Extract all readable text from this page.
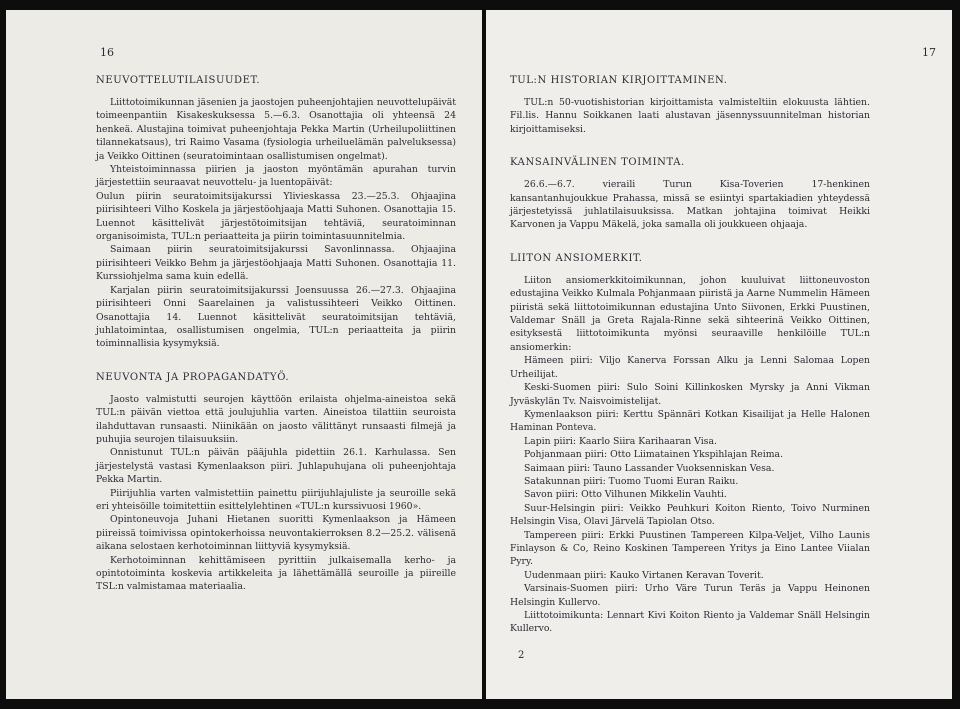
16
NEUVOTTELUTILAISUUDET.

Liittotoimikunnan jäsenien ja jaostojen puheenjohtajien neuvottelupäivät toimeenpantiin Kisakeskuksessa 5.—6.3. Osanottajia oli yhteensä 24 henkeä. Alustajina toimivat puheenjohtaja Pekka Martin (Urheilupoliittinen tilannekatsaus), tri Raimo Vasama (fysiologia urheiluelämän palveluksessa) ja Veikko Oittinen (seuratoimintaan osallistumisen ongelmat).

Yhteistoiminnassa piirien ja jaoston myöntämän apurahan turvin järjestettiin seuraavat neuvottelu- ja luentopäivät:

Oulun piirin seuratoimitsijakurssi Ylivieskassa 23.—25.3. Ohjaajina piirisihteeri Vilho Koskela ja järjestöohjaaja Matti Suhonen. Osanottajia 15. Luennot käsittelivät järjestötoimitsijan tehtäviä, seuratoiminnan organisoimista, TUL:n periaatteita ja piirin toimintasuunnitelmia.

Saimaan piirin seuratoimitsijakurssi Savonlinnassa. Ohjaajina piirisihteeri Veikko Behm ja järjestöohjaaja Matti Suhonen. Osanottajia 11. Kurssiohjelma sama kuin edellä.

Karjalan piirin seuratoimitsijakurssi Joensuussa 26.—27.3. Ohjaajina piirisihteeri Onni Saarelainen ja valistussihteeri Veikko Oittinen. Osanottajia 14. Luennot käsittelivät seuratoimitsijan tehtäviä, juhlatoimintaa, osallistumisen ongelmia, TUL:n periaatteita ja piirin toiminnallisia kysymyksiä.

NEUVONTA JA PROPAGANDATYÖ.

Jaosto valmistutti seurojen käyttöön erilaista ohjelma-aineistoa sekä TUL:n päivän viettoa että joulujuhlia varten. Aineistoa tilattiin seuroista ilahduttavan runsaasti. Niinikään on jaosto välittänyt runsaasti filmejä ja puhujia seurojen tilaisuuksiin.

Onnistunut TUL:n päivän pääjuhla pidettiin 26.1. Karhulassa. Sen järjestelystä vastasi Kymenlaakson piiri. Juhlapuhujana oli puheenjohtaja Pekka Martin.

Piirijuhlia varten valmistettiin painettu piirijuhlajuliste ja seuroille sekä eri yhteisöille toimitettiin esittelylehtinen «TUL:n kurssivuosi 1960».

Opintoneuvoja Juhani Hietanen suoritti Kymenlaakson ja Hämeen piireissä toimivissa opintokerhoissa neuvontakierroksen 8.2—25.2. välisenä aikana selostaen kerhotoiminnan liittyviä kysymyksiä.

Kerhotoiminnan kehittämiseen pyrittiin julkaisemalla kerho- ja opintotoiminta koskevia artikkeleita ja lähettämällä seuroille ja piireille TSL:n valmistamaa materiaalia.

17
TUL:N HISTORIAN KIRJOITTAMINEN.

TUL:n 50-vuotishistorian kirjoittamista valmisteltiin elokuusta lähtien. Fil.lis. Hannu Soikkanen laati alustavan jäsennyssuunnitelman historian kirjoittamiseksi.

KANSAINVÄLINEN TOIMINTA.

26.6.—6.7. vieraili Turun Kisa-Toverien 17-henkinen kansantanhujoukkue Prahassa, missä se esiintyi spartakiadien yhteydessä järjestetyissä juhlatilaisuuksissa. Matkan johtajina toimivat Heikki Karvonen ja Vappu Mäkelä, joka samalla oli joukkueen ohjaaja.

LIITON ANSIOMERKIT.

Liiton ansiomerkkitoimikunnan, johon kuuluivat liittoneuvoston edustajina Veikko Kulmala Pohjanmaan piiristä ja Aarne Nummelin Hämeen piiristä sekä liittotoimikunnan edustajina Unto Siivonen, Erkki Puustinen, Valdemar Snäll ja Greta Rajala-Rinne sekä sihteerinä Veikko Oittinen, esityksestä liittotoimikunta myönsi seuraaville henkilöille TUL:n ansiomerkin:

Hämeen piiri: Viljo Kanerva Forssan Alku ja Lenni Salomaa Lopen Urheilijat.

Keski-Suomen piiri: Sulo Soini Killinkosken Myrsky ja Anni Vikman Jyväskylän Tv. Naisvoimistelijat.

Kymenlaakson piiri: Kerttu Spännäri Kotkan Kisailijat ja Helle Halonen Haminan Ponteva.

Lapin piiri: Kaarlo Siira Karihaaran Visa.

Pohjanmaan piiri: Otto Liimatainen Ykspihlajan Reima.

Saimaan piiri: Tauno Lassander Vuoksenniskan Vesa.

Satakunnan piiri: Tuomo Tuomi Euran Raiku.

Savon piiri: Otto Vilhunen Mikkelin Vauhti.

Suur-Helsingin piiri: Veikko Peuhkuri Koiton Riento, Toivo Nurminen Helsingin Visa, Olavi Järvelä Tapiolan Otso.

Tampereen piiri: Erkki Puustinen Tampereen Kilpa-Veljet, Vilho Launis Finlayson & Co, Reino Koskinen Tampereen Yritys ja Eino Lantee Viialan Pyry.

Uudenmaan piiri: Kauko Virtanen Keravan Toverit.

Varsinais-Suomen piiri: Urho Väre Turun Teräs ja Vappu Heinonen Helsingin Kullervo.

Liittotoimikunta: Lennart Kivi Koiton Riento ja Valdemar Snäll Helsingin Kullervo.

2
